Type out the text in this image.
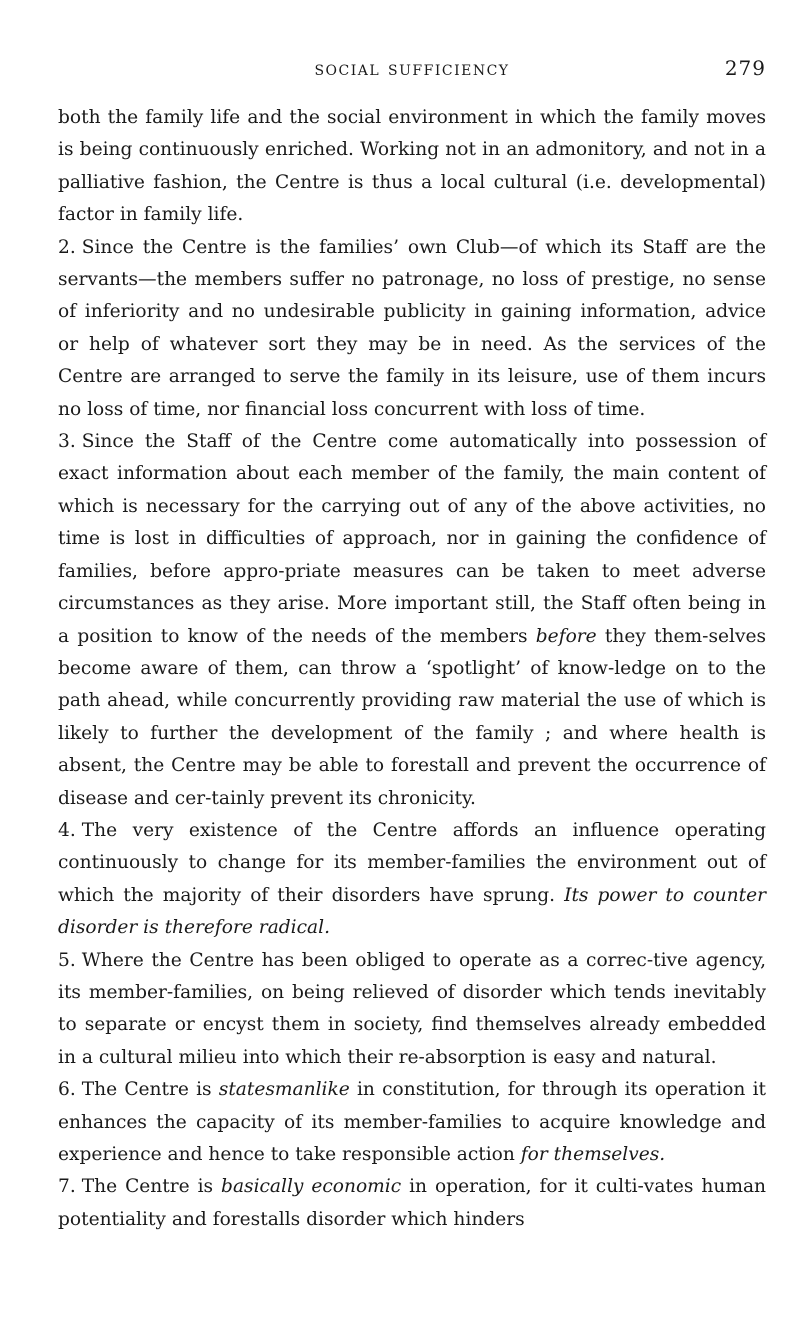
social sufficiency	279

both the family life and the social environment in which the family moves is being continuously enriched. Working not in an admonitory, and not in a palliative fashion, the Centre is thus a local cultural (i.e. developmental) factor in family life.

2. Since the Centre is the families’ own Club—of which its Staff are the servants—the members suffer no patronage, no loss of prestige, no sense of inferiority and no undesirable publicity in gaining information, advice or help of whatever sort they may be in need. As the services of the Centre are arranged to serve the family in its leisure, use of them incurs no loss of time, nor financial loss concurrent with loss of time.

3. Since the Staff of the Centre come automatically into possession of exact information about each member of the family, the main content of which is necessary for the carrying out of any of the above activities, no time is lost in difficulties of approach, nor in gaining the confidence of families, before appro-priate measures can be taken to meet adverse circumstances as they arise. More important still, the Staff often being in a position to know of the needs of the members before they them-selves become aware of them, can throw a ‘spotlight’ of know-ledge on to the path ahead, while concurrently providing raw material the use of which is likely to further the development of the family ; and where health is absent, the Centre may be able to forestall and prevent the occurrence of disease and cer-tainly prevent its chronicity.

4. The very existence of the Centre affords an influence operating continuously to change for its member-families the environment out of which the majority of their disorders have sprung. Its power to counter disorder is therefore radical.

5. Where the Centre has been obliged to operate as a correc-tive agency, its member-families, on being relieved of disorder which tends inevitably to separate or encyst them in society, find themselves already embedded in a cultural milieu into which their re-absorption is easy and natural.

6. The Centre is statesmanlike in constitution, for through its operation it enhances the capacity of its member-families to acquire knowledge and experience and hence to take responsible action for themselves.

7. The Centre is basically economic in operation, for it culti-vates human potentiality and forestalls disorder which hinders
